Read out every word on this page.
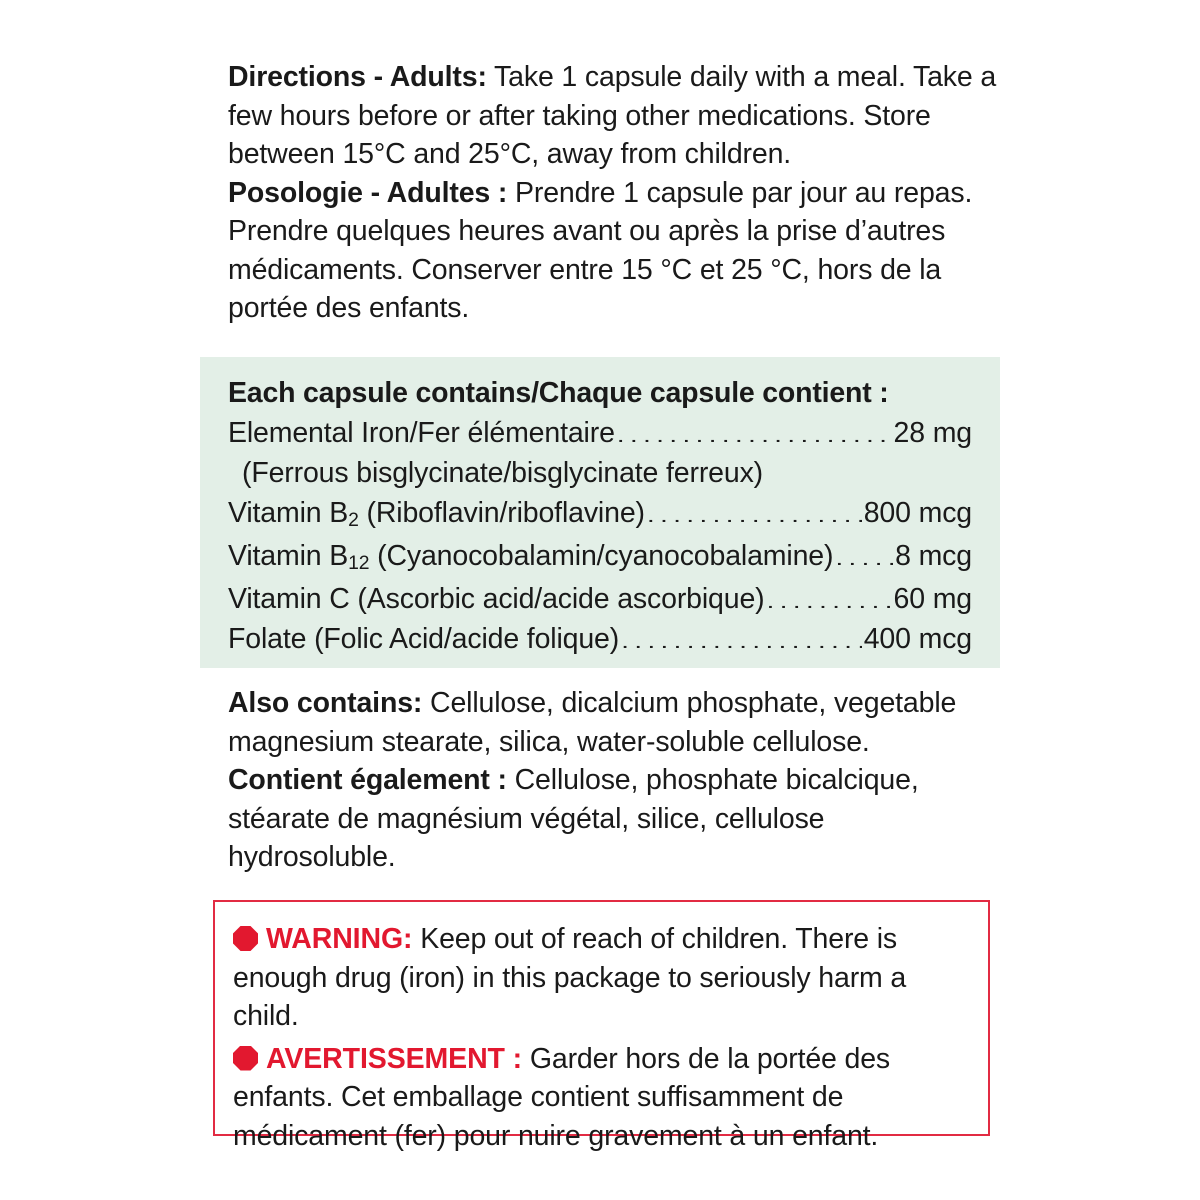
Directions - Adults: Take 1 capsule daily with a meal. Take a few hours before or after taking other medications. Store between 15°C and 25°C, away from children.
Posologie - Adultes : Prendre 1 capsule par jour au repas. Prendre quelques heures avant ou après la prise d’autres médicaments. Conserver entre 15 °C et 25 °C, hors de la portée des enfants.
Each capsule contains/Chaque capsule contient :
Elemental Iron/Fer élémentaire .....	28 mg
(Ferrous bisglycinate/bisglycinate ferreux)
Vitamin $B_2$ (Riboflavin/riboflavine) .....	800 mcg
Vitamin $B_{12}$ (Cyanocobalamin/cyanocobalamine) ..... 8 mcg
Vitamin C (Ascorbic acid/acide ascorbique) .....	60 mg
Folate (Folic Acid/acide folique) .....	400 mcg
Also contains: Cellulose, dicalcium phosphate, vegetable magnesium stearate, silica, water-soluble cellulose.
Contient également : Cellulose, phosphate bicalcique, stéarate de magnésium végétal, silice, cellulose hydrosoluble.
WARNING: Keep out of reach of children. There is enough drug (iron) in this package to seriously harm a child.
AVERTISSEMENT : Garder hors de la portée des enfants. Cet emballage contient suffisamment de médicament (fer) pour nuire gravement à un enfant.
